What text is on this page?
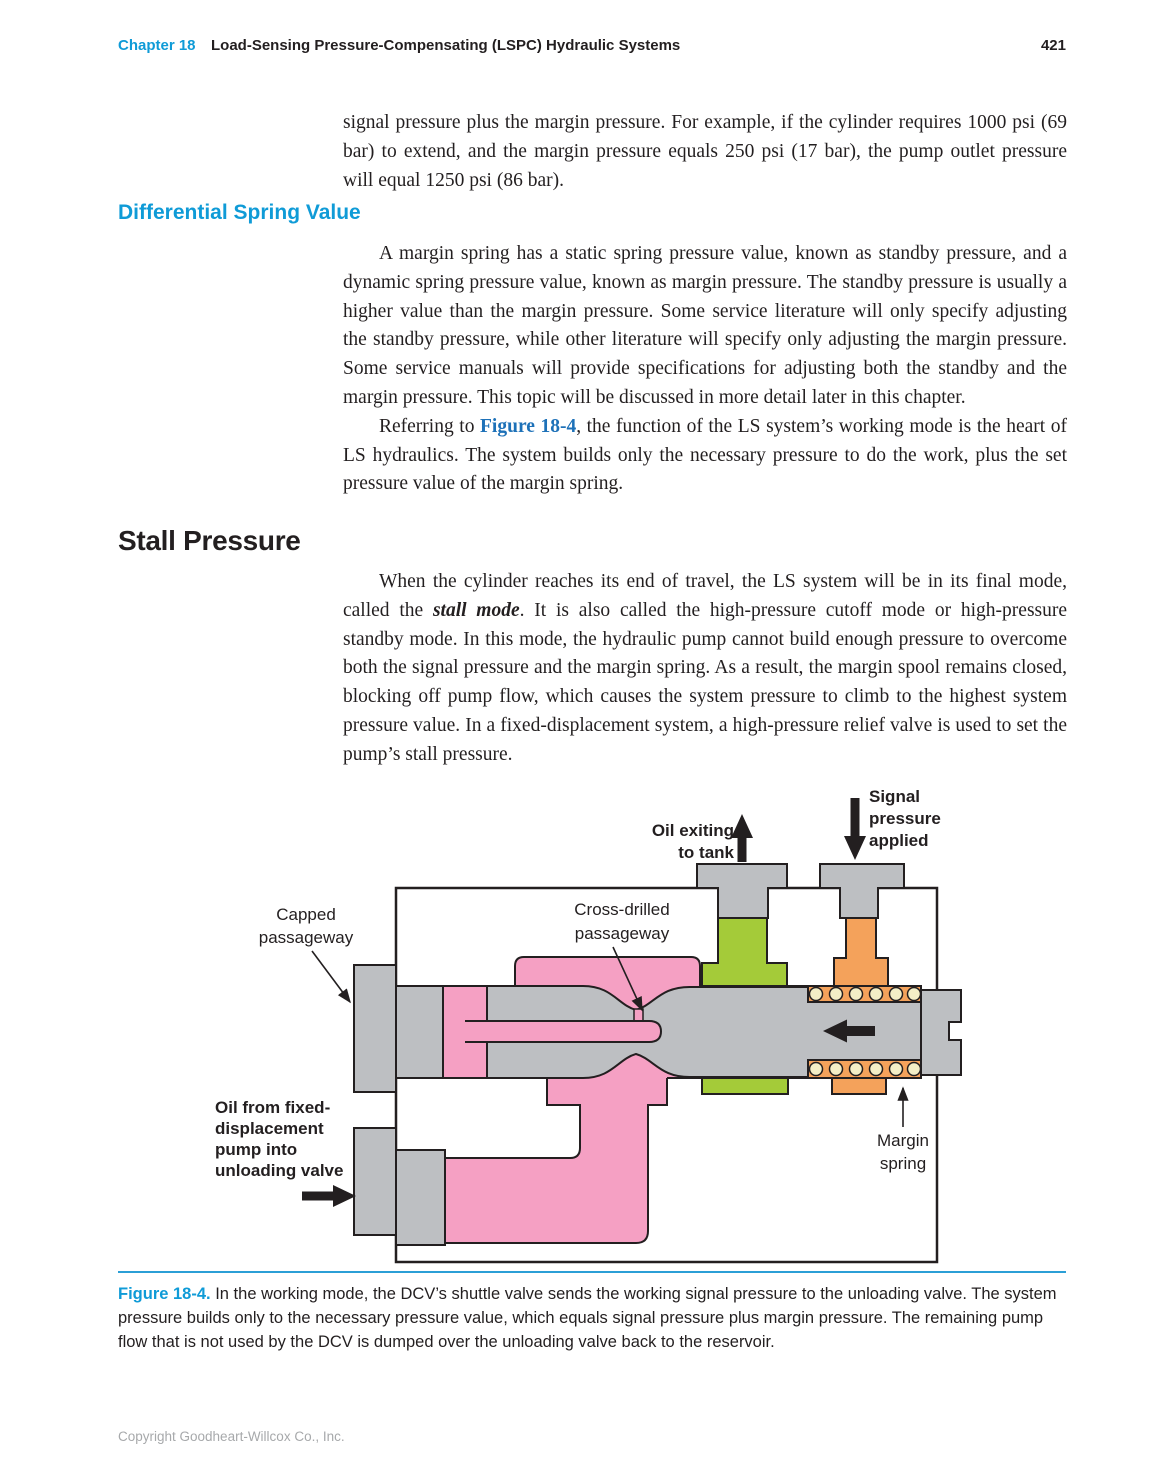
Chapter 18 Load-Sensing Pressure-Compensating (LSPC) Hydraulic Systems	421

signal pressure plus the margin pressure. For example, if the cylinder requires 1000 psi (69 bar) to extend, and the margin pressure equals 250 psi (17 bar), the pump outlet pressure will equal 1250 psi (86 bar).

Differential Spring Value

A margin spring has a static spring pressure value, known as standby pressure, and a dynamic spring pressure value, known as margin pressure. The standby pressure is usually a higher value than the margin pressure. Some service literature will only specify adjusting the standby pressure, while other literature will specify only adjusting the margin pressure. Some service manuals will provide specifications for adjusting both the standby and the margin pressure. This topic will be discussed in more detail later in this chapter.

Referring to Figure 18-4, the function of the LS system’s working mode is the heart of LS hydraulics. The system builds only the necessary pressure to do the work, plus the set pressure value of the margin spring.

Stall Pressure

When the cylinder reaches its end of travel, the LS system will be in its final mode, called the stall mode. It is also called the high-pressure cutoff mode or high-pressure standby mode. In this mode, the hydraulic pump cannot build enough pressure to overcome both the signal pressure and the margin spring. As a result, the margin spool remains closed, blocking off pump flow, which causes the system pressure to climb to the highest system pressure value. In a fixed-displacement system, a high-pressure relief valve is used to set the pump’s stall pressure.

Oil exiting
to tank
Signal
pressure
applied
Capped
passageway
Cross-drilled
passageway
Oil from fixed-
displacement
pump into
unloading valve
Margin
spring
Figure 18-4. In the working mode, the DCV’s shuttle valve sends the working signal pressure to the unloading valve. The system pressure builds only to the necessary pressure value, which equals signal pressure plus margin pressure. The remaining pump flow that is not used by the DCV is dumped over the unloading valve back to the reservoir.
Copyright Goodheart-Willcox Co., Inc.
